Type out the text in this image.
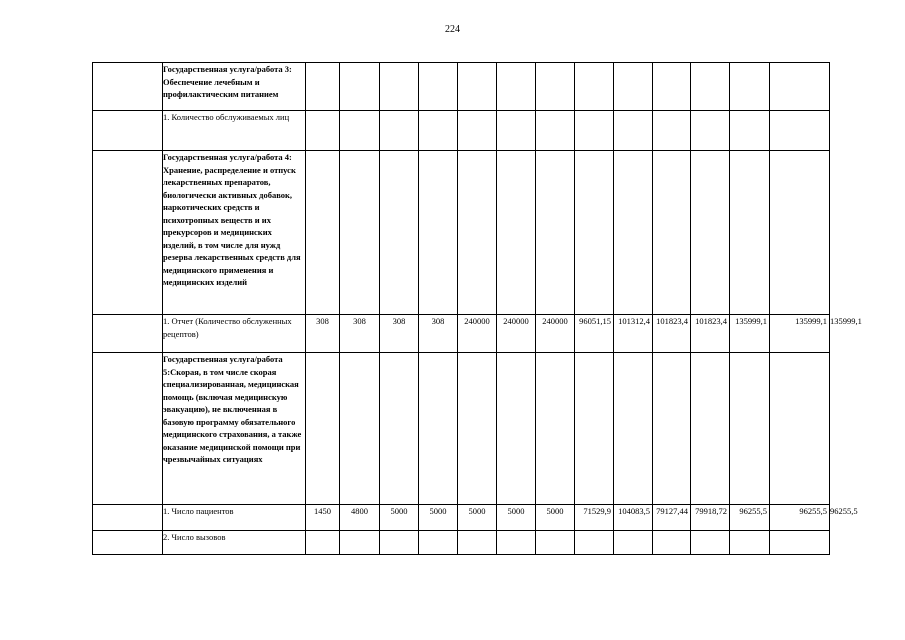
224
	Государственная услуга/работа 3: Обеспечение лечебным и профилактическим питанием														
	1. Количество обслуживаемых лиц														
	Государственная услуга/работа 4: Хранение, распределение и отпуск лекарственных препаратов, биологически активных добавок, наркотических средств и психотропных веществ и их прекурсоров и медицинских изделий, в том числе для нужд резерва лекарственных средств для медицинского применения и медицинских изделий														
	1. Отчет (Количество обслуженных рецептов)	308	308	308	308	240000	240000	240000	96051,15	101312,4	101823,4	101823,4	135999,1	135999,1	135999,1
	Государственная услуга/работа 5:Скорая, в том числе скорая специализированная, медицинская помощь (включая медицинскую эвакуацию), не включенная в базовую программу обязательного медицинского страхования, а также оказание медицинской помощи при чрезвычайных ситуациях														
	1. Число пациентов	1450	4800	5000	5000	5000	5000	5000	71529,9	104083,5	79127,44	79918,72	96255,5	96255,5	96255,5
	2. Число вызовов														
